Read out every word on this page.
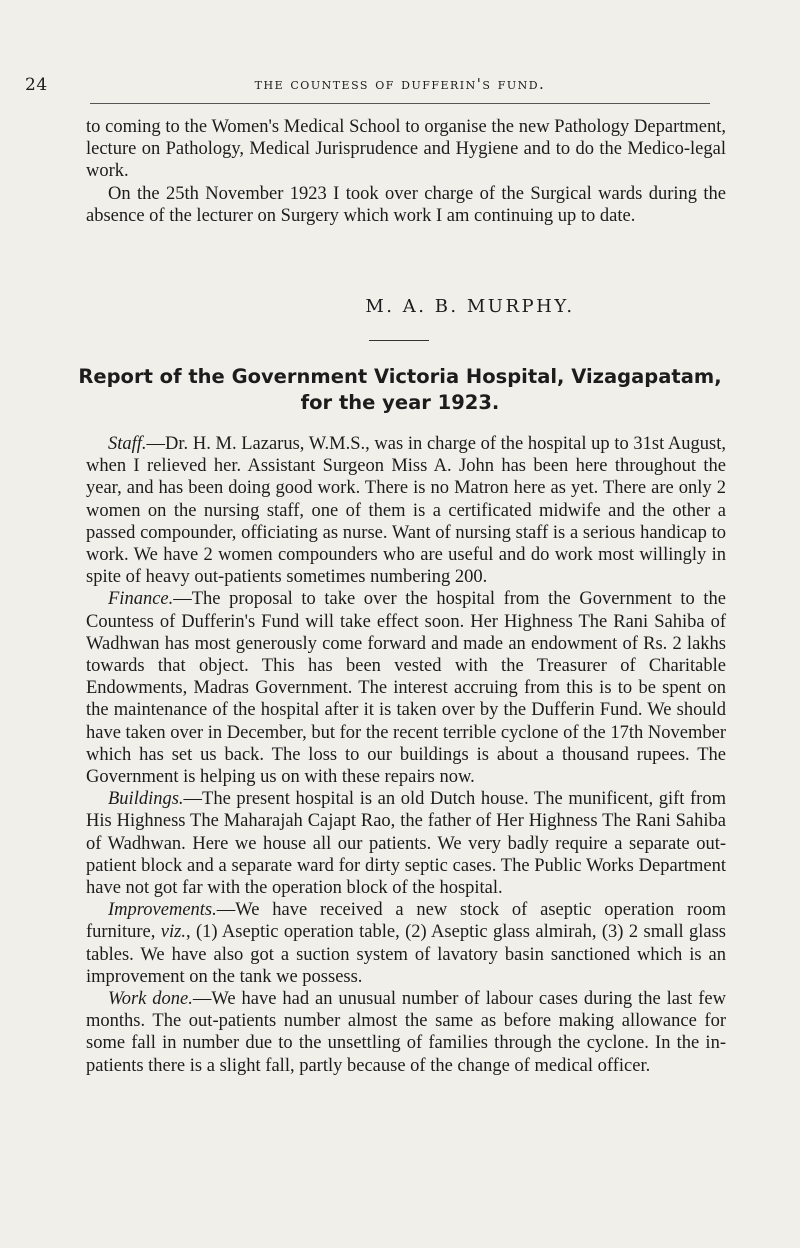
24	the countess of dufferin's fund.

to coming to the Women's Medical School to organise the new Pathology Department, lecture on Pathology, Medical Jurisprudence and Hygiene and to do the Medico-legal work.

On the 25th November 1923 I took over charge of the Surgical wards during the absence of the lecturer on Surgery which work I am continuing up to date.

M. A. B. MURPHY.
Report of the Government Victoria Hospital, Vizagapatam,
for the year 1923.

Staff.—Dr. H. M. Lazarus, W.M.S., was in charge of the hospital up to 31st August, when I relieved her. Assistant Surgeon Miss A. John has been here throughout the year, and has been doing good work. There is no Matron here as yet. There are only 2 women on the nursing staff, one of them is a certificated midwife and the other a passed compounder, officiating as nurse. Want of nursing staff is a serious handicap to work. We have 2 women compounders who are useful and do work most willingly in spite of heavy out-patients sometimes numbering 200.

Finance.—The proposal to take over the hospital from the Government to the Countess of Dufferin's Fund will take effect soon. Her Highness The Rani Sahiba of Wadhwan has most generously come forward and made an endowment of Rs. 2 lakhs towards that object. This has been vested with the Treasurer of Charitable Endowments, Madras Government. The interest accruing from this is to be spent on the maintenance of the hospital after it is taken over by the Dufferin Fund. We should have taken over in December, but for the recent terrible cyclone of the 17th November which has set us back. The loss to our buildings is about a thousand rupees. The Government is helping us on with these repairs now.

Buildings.—The present hospital is an old Dutch house. The munificent, gift from His Highness The Maharajah Cajapt Rao, the father of Her Highness The Rani Sahiba of Wadhwan. Here we house all our patients. We very badly require a separate out-patient block and a separate ward for dirty septic cases. The Public Works Department have not got far with the operation block of the hospital.

Improvements.—We have received a new stock of aseptic operation room furniture, viz., (1) Aseptic operation table, (2) Aseptic glass almirah, (3) 2 small glass tables. We have also got a suction system of lavatory basin sanctioned which is an improvement on the tank we possess.

Work done.—We have had an unusual number of labour cases during the last few months. The out-patients number almost the same as before making allowance for some fall in number due to the unsettling of families through the cyclone. In the in-patients there is a slight fall, partly because of the change of medical officer.
